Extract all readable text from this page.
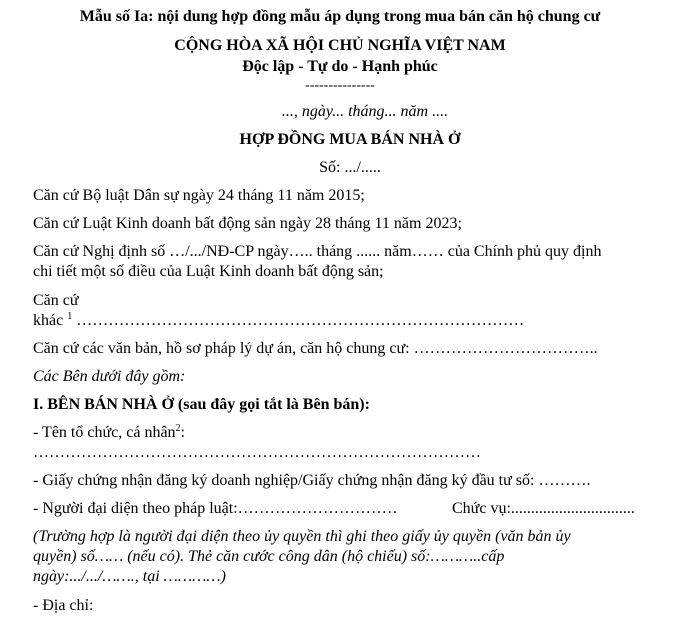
Mẫu số Ia: nội dung hợp đồng mẫu áp dụng trong mua bán căn hộ chung cư
CỘNG HÒA XÃ HỘI CHỦ NGHĨA VIỆT NAM
Độc lập - Tự do - Hạnh phúc
---------------
..., ngày... tháng... năm ....
HỢP ĐỒNG MUA BÁN NHÀ Ở
Số: .../.....
Căn cứ Bộ luật Dân sự ngày 24 tháng 11 năm 2015;
Căn cứ Luật Kinh doanh bất động sản ngày 28 tháng 11 năm 2023;
Căn cứ Nghị định số …/.../NĐ-CP ngày….. tháng ...... năm…… của Chính phủ quy định
chi tiết một số điều của Luật Kinh doanh bất động sản;
Căn cứ
khác $^1$ …………………………………………………………………………
Căn cứ các văn bản, hồ sơ pháp lý dự án, căn hộ chung cư: ……………………………..
Các Bên dưới đây gồm:
I. BÊN BÁN NHÀ Ở (sau đây gọi tắt là Bên bán):
- Tên tổ chức, cá nhân$^2$:
…………………………………………………………………………
- Giấy chứng nhận đăng ký doanh nghiệp/Giấy chứng nhận đăng ký đầu tư số: ……….
- Người đại diện theo pháp luật:…………………………	Chức vụ:...............................
(Trường hợp là người đại diện theo ủy quyền thì ghi theo giấy ủy quyền (văn bản ủy
quyền) số…… (nếu có). Thẻ căn cước công dân (hộ chiếu) số:………..cấp
ngày:.../.../……., tại …………)
- Địa chỉ:
